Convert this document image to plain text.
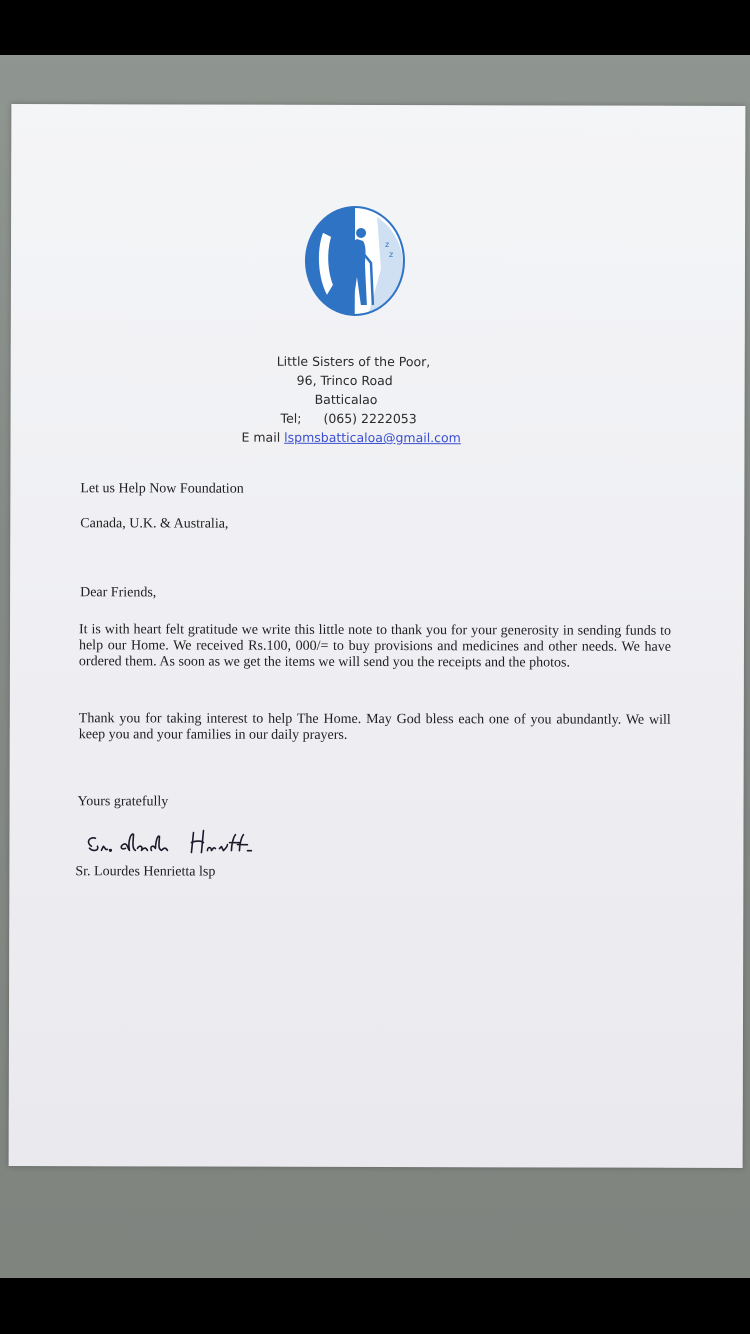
z
z
Little Sisters of the Poor,
96, Trinco Road
Batticalao
Tel; (065) 2222053
E mail lspmsbatticaloa@gmail.com
Let us Help Now Foundation
Canada, U.K. & Australia,
Dear Friends,
It is with heart felt gratitude we write this little note to thank you for your generosity in sending funds to help our Home. We received Rs.100, 000/= to buy provisions and medicines and other needs. We have ordered them. As soon as we get the items we will send you the receipts and the photos.
Thank you for taking interest to help The Home. May God bless each one of you abundantly. We will keep you and your families in our daily prayers.
Yours gratefully
Sr. Lourdes Henrietta lsp
